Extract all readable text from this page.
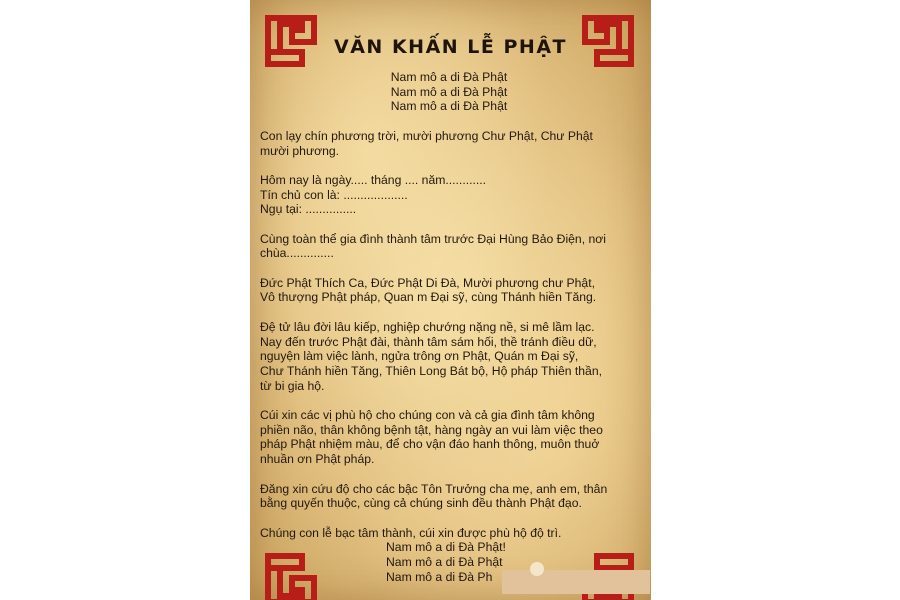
VĂN KHẤN LỄ PHẬT
Nam mô a di Đà Phật
Nam mô a di Đà Phật
Nam mô a di Đà Phật
Con lạy chín phương trời, mười phương Chư Phật, Chư Phật
mười phương.
Hôm nay là ngày..... tháng .... năm............
Tín chủ con là: ...................
Ngụ tại: ...............
Cùng toàn thể gia đình thành tâm trước Đại Hùng Bảo Điện, nơi
chùa..............
Đức Phật Thích Ca, Đức Phật Di Đà, Mười phương chư Phật,
Vô thượng Phật pháp, Quan m Đại sỹ, cùng Thánh hiền Tăng.
Đệ tử lâu đời lâu kiếp, nghiệp chướng nặng nề, si mê lầm lạc.
Nay đến trước Phật đài, thành tâm sám hối, thề tránh điều dữ,
nguyện làm việc lành, ngửa trông ơn Phật, Quán m Đại sỹ,
Chư Thánh hiền Tăng, Thiên Long Bát bộ, Hộ pháp Thiên thần,
từ bi gia hộ.
Cúi xin các vị phù hộ cho chúng con và cả gia đình tâm không
phiền não, thân không bệnh tật, hàng ngày an vui làm việc theo
pháp Phật nhiệm màu, để cho vận đáo hanh thông, muôn thuở
nhuần ơn Phật pháp.
Đăng xin cứu độ cho các bậc Tôn Trưởng cha mẹ, anh em, thân
bằng quyến thuộc, cùng cả chúng sinh đều thành Phật đạo.
Chúng con lễ bạc tâm thành, cúi xin được phù hộ độ trì.
Nam mô a di Đà Phật!
Nam mô a di Đà Phật
Nam mô a di Đà Ph
